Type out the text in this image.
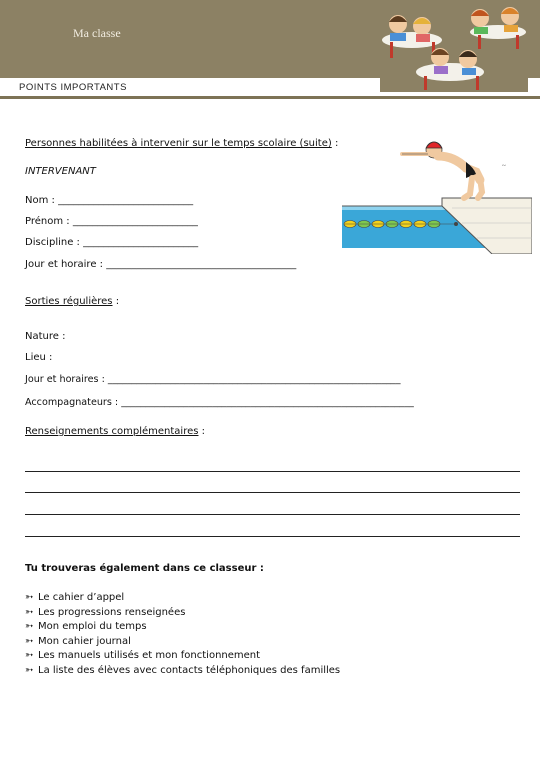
Ma classe
POINTS IMPORTANTS
~
Personnes habilitées à intervenir sur le temps scolaire (suite) :
INTERVENANT
Nom : ___________________________
Prénom : _________________________
Discipline : _______________________
Jour et horaire : ______________________________________
Sorties régulières :
Nature :
Lieu :
Jour et horaires : _____________________________________________________________
Accompagnateurs : _____________________________________________________________
Renseignements complémentaires :
Tu trouveras également dans ce classeur :
➳ Le cahier d’appel
➳ Les progressions renseignées
➳ Mon emploi du temps
➳ Mon cahier journal
➳ Les manuels utilisés et mon fonctionnement
➳ La liste des élèves avec contacts téléphoniques des familles
